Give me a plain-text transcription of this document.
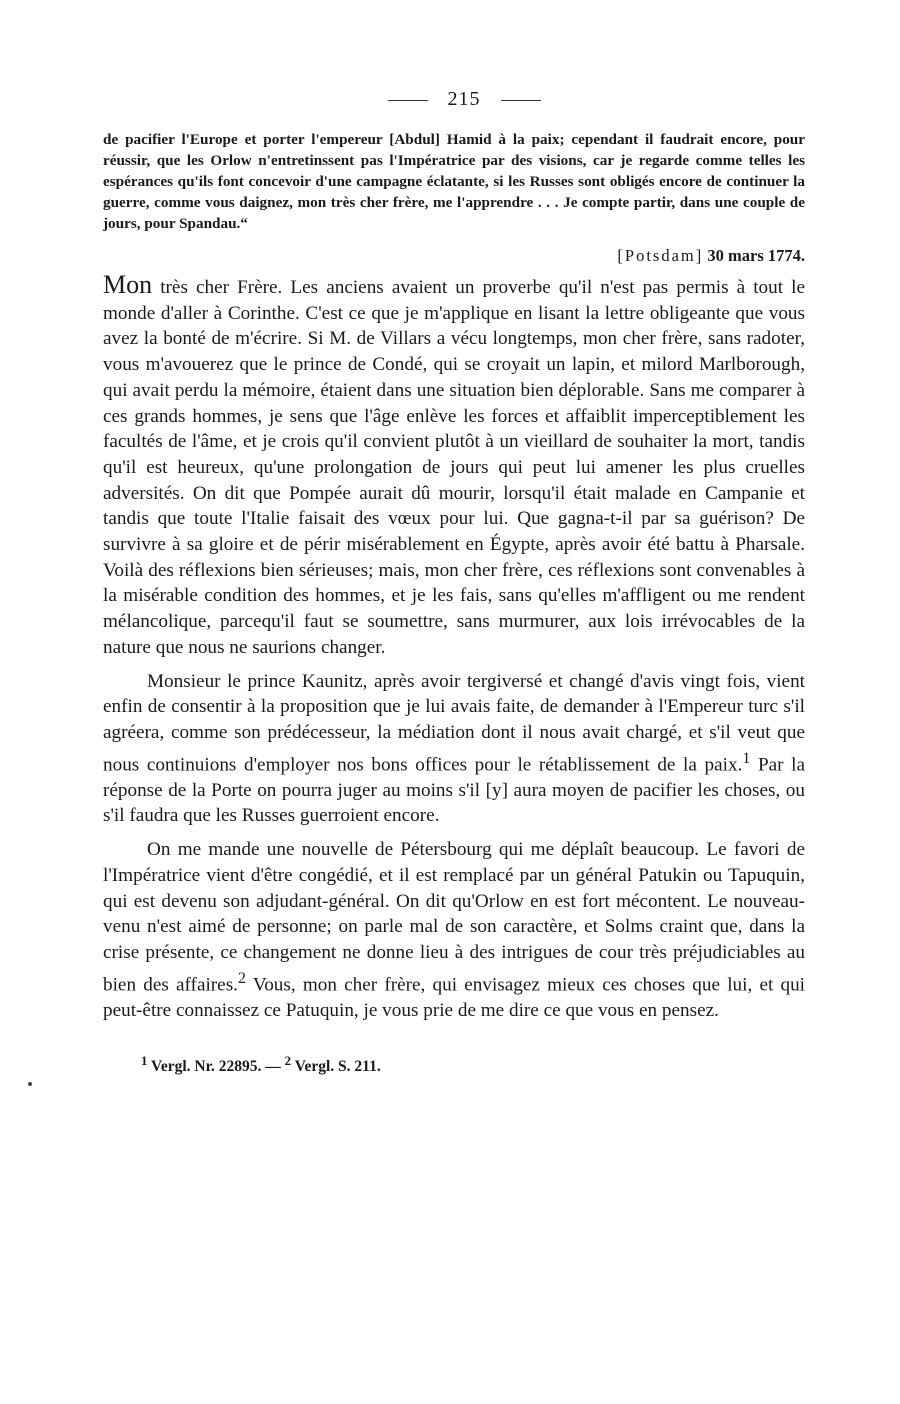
215
de pacifier l'Europe et porter l'empereur [Abdul] Hamid à la paix; cependant il faudrait encore, pour réussir, que les Orlow n'entretinssent pas l'Impératrice par des visions, car je regarde comme telles les espérances qu'ils font concevoir d'une campagne éclatante, si les Russes sont obligés encore de continuer la guerre, comme vous daignez, mon très cher frère, me l'apprendre . . . Je compte partir, dans une couple de jours, pour Spandau.“
[Potsdam] 30 mars 1774.

Mon très cher Frère. Les anciens avaient un proverbe qu'il n'est pas permis à tout le monde d'aller à Corinthe. C'est ce que je m'applique en lisant la lettre obligeante que vous avez la bonté de m'écrire. Si M. de Villars a vécu longtemps, mon cher frère, sans radoter, vous m'avouerez que le prince de Condé, qui se croyait un lapin, et milord Marlborough, qui avait perdu la mémoire, étaient dans une situation bien déplorable. Sans me comparer à ces grands hommes, je sens que l'âge enlève les forces et affaiblit imperceptiblement les facultés de l'âme, et je crois qu'il convient plutôt à un vieillard de souhaiter la mort, tandis qu'il est heureux, qu'une prolongation de jours qui peut lui amener les plus cruelles adversités. On dit que Pompée aurait dû mourir, lorsqu'il était malade en Campanie et tandis que toute l'Italie faisait des vœux pour lui. Que gagna-t-il par sa guérison? De survivre à sa gloire et de périr misérablement en Égypte, après avoir été battu à Pharsale. Voilà des réflexions bien sérieuses; mais, mon cher frère, ces réflexions sont convenables à la misérable condition des hommes, et je les fais, sans qu'elles m'affligent ou me rendent mélancolique, parcequ'il faut se soumettre, sans murmurer, aux lois irrévocables de la nature que nous ne saurions changer.

Monsieur le prince Kaunitz, après avoir tergiversé et changé d'avis vingt fois, vient enfin de consentir à la proposition que je lui avais faite, de demander à l'Empereur turc s'il agréera, comme son prédécesseur, la médiation dont il nous avait chargé, et s'il veut que nous continuions d'employer nos bons offices pour le rétablissement de la paix.$^1$ Par la réponse de la Porte on pourra juger au moins s'il [y] aura moyen de pacifier les choses, ou s'il faudra que les Russes guerroient encore.

On me mande une nouvelle de Pétersbourg qui me déplaît beaucoup. Le favori de l'Impératrice vient d'être congédié, et il est remplacé par un général Patukin ou Tapuquin, qui est devenu son adjudant-général. On dit qu'Orlow en est fort mécontent. Le nouveau-venu n'est aimé de personne; on parle mal de son caractère, et Solms craint que, dans la crise présente, ce changement ne donne lieu à des intrigues de cour très préjudiciables au bien des affaires.$^2$ Vous, mon cher frère, qui envisagez mieux ces choses que lui, et qui peut-être connaissez ce Patuquin, je vous prie de me dire ce que vous en pensez.

$^1$ Vergl. Nr. 22895. — $^2$ Vergl. S. 211.
